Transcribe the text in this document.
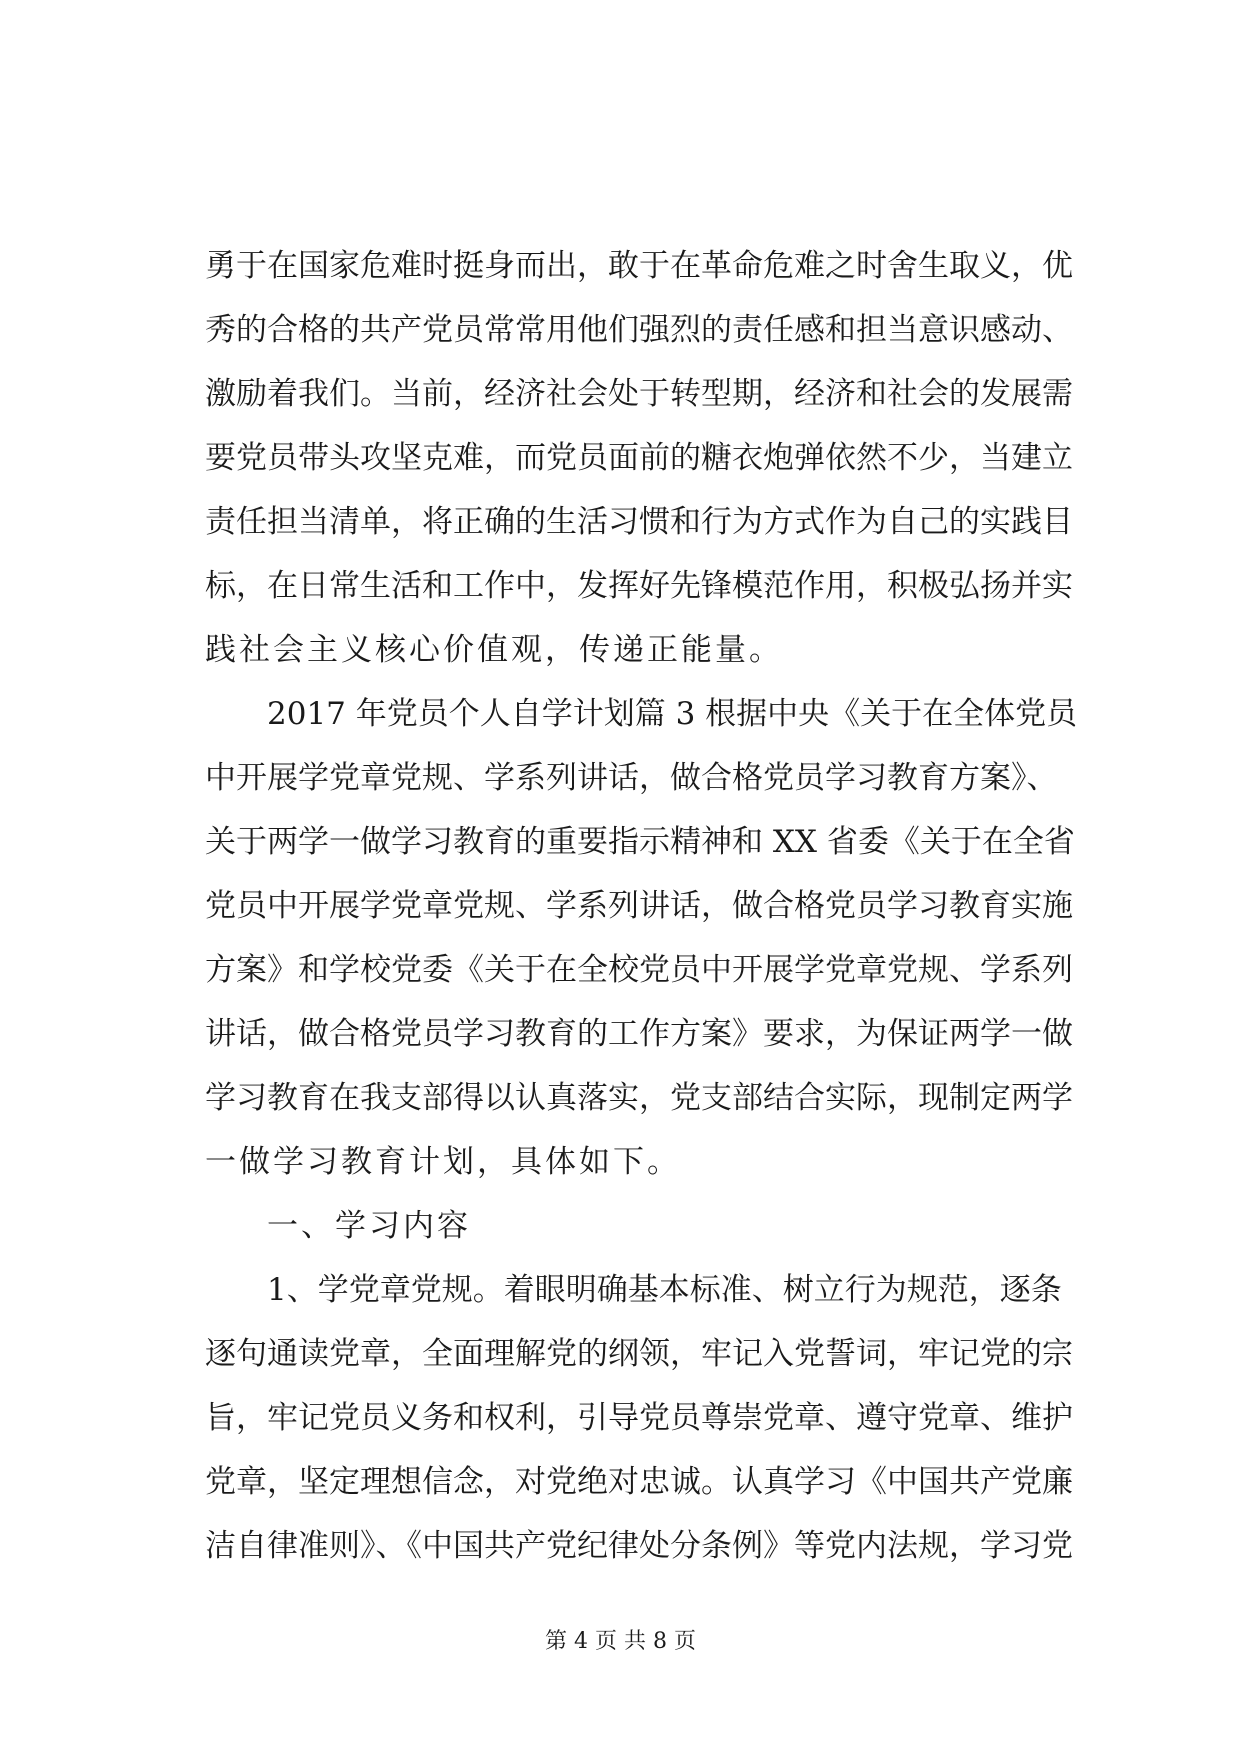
勇于在国家危难时挺身而出，敢于在革命危难之时舍生取义，优
秀的合格的共产党员常常用他们强烈的责任感和担当意识感动、
激励着我们。当前，经济社会处于转型期，经济和社会的发展需
要党员带头攻坚克难，而党员面前的糖衣炮弹依然不少，当建立
责任担当清单，将正确的生活习惯和行为方式作为自己的实践目
标，在日常生活和工作中，发挥好先锋模范作用，积极弘扬并实
践社会主义核心价值观，传递正能量。
2017 年党员个人自学计划篇 3 根据中央《关于在全体党员
中开展学党章党规、学系列讲话，做合格党员学习教育方案》、
关于两学一做学习教育的重要指示精神和 XX 省委《关于在全省
党员中开展学党章党规、学系列讲话，做合格党员学习教育实施
方案》和学校党委《关于在全校党员中开展学党章党规、学系列
讲话，做合格党员学习教育的工作方案》要求，为保证两学一做
学习教育在我支部得以认真落实，党支部结合实际，现制定两学
一做学习教育计划，具体如下。
一、学习内容
1、学党章党规。着眼明确基本标准、树立行为规范，逐条
逐句通读党章，全面理解党的纲领，牢记入党誓词，牢记党的宗
旨，牢记党员义务和权利，引导党员尊崇党章、遵守党章、维护
党章，坚定理想信念，对党绝对忠诚。认真学习《中国共产党廉
洁自律准则》、《中国共产党纪律处分条例》等党内法规，学习党
第 4 页 共 8 页
